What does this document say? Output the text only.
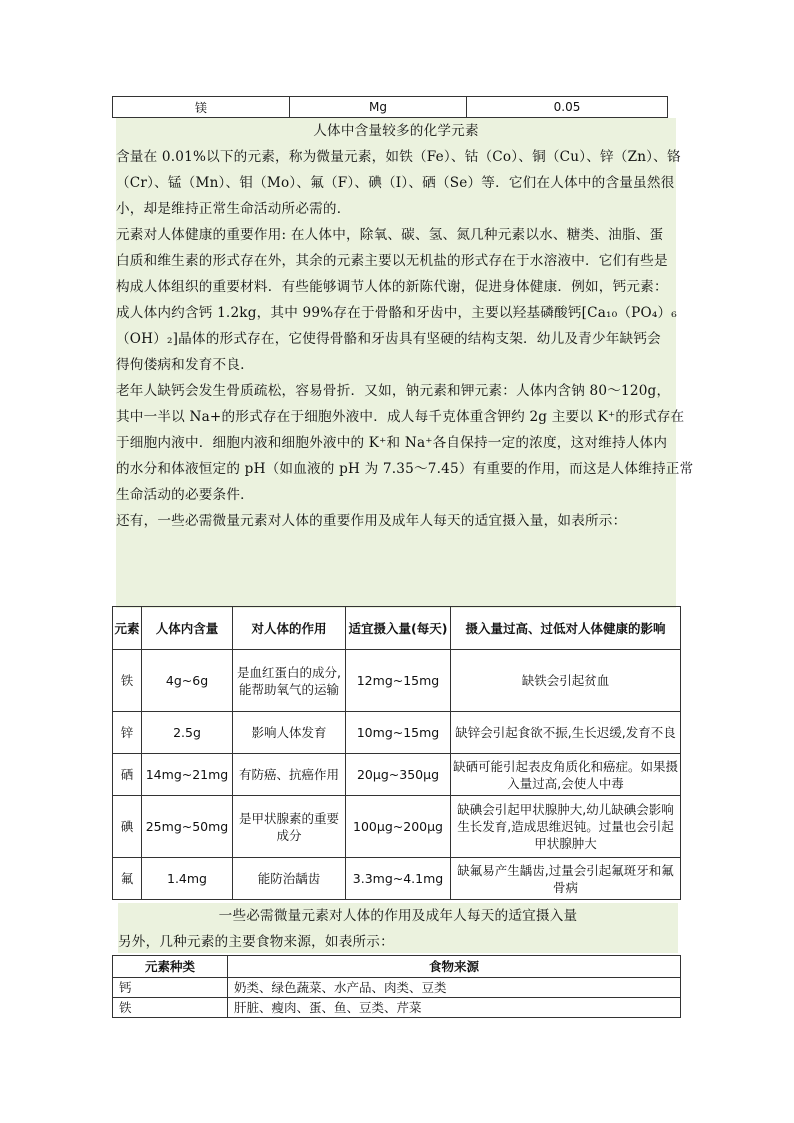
镁	Mg	0.05
人体中含量较多的化学元素
含量在 0.01%以下的元素，称为微量元素，如铁（Fe）、钴（Co）、铜（Cu）、锌（Zn）、铬
（Cr）、锰（Mn）、钼（Mo）、氟（F）、碘（I）、硒（Se）等．它们在人体中的含量虽然很
小，却是维持正常生命活动所必需的．
元素对人体健康的重要作用: 在人体中，除氧、碳、氢、氮几种元素以水、糖类、油脂、蛋
白质和维生素的形式存在外，其余的元素主要以无机盐的形式存在于水溶液中．它们有些是
构成人体组织的重要材料．有些能够调节人体的新陈代谢，促进身体健康．例如，钙元素：
成人体内约含钙 1.2kg，其中 99%存在于骨骼和牙齿中，主要以羟基磷酸钙[Ca₁₀（PO₄）₆
（OH）₂]晶体的形式存在，它使得骨骼和牙齿具有坚硬的结构支架．幼儿及青少年缺钙会
得佝偻病和发育不良.
老年人缺钙会发生骨质疏松，容易骨折．又如，钠元素和钾元素：人体内含钠 80～120g，
其中一半以 Na+的形式存在于细胞外液中．成人每千克体重含钾约 2g 主要以 K⁺的形式存在
于细胞内液中．细胞内液和细胞外液中的 K⁺和 Na⁺各自保持一定的浓度，这对维持人体内
的水分和体液恒定的 pH（如血液的 pH 为 7.35～7.45）有重要的作用，而这是人体维持正常
生命活动的必要条件．
还有，一些必需微量元素对人体的重要作用及成年人每天的适宜摄入量，如表所示：
元素	人体内含量	对人体的作用	适宜摄入量(每天)	摄入量过高、过低对人体健康的影响
铁	4g~6g	是血红蛋白的成分,能帮助氧气的运输	12mg~15mg	缺铁会引起贫血
锌	2.5g	影响人体发育	10mg~15mg	缺锌会引起食欲不振,生长迟缓,发育不良
硒	14mg~21mg	有防癌、抗癌作用	20μg~350μg	缺硒可能引起表皮角质化和癌症。如果摄入量过高,会使人中毒
碘	25mg~50mg	是甲状腺素的重要成分	100μg~200μg	缺碘会引起甲状腺肿大,幼儿缺碘会影响生长发育,造成思维迟钝。过量也会引起甲状腺肿大
氟	1.4mg	能防治龋齿	3.3mg~4.1mg	缺氟易产生龋齿,过量会引起氟斑牙和氟骨病
一些必需微量元素对人体的作用及成年人每天的适宜摄入量
另外，几种元素的主要食物来源，如表所示：
元素种类	食物来源
钙	奶类、绿色蔬菜、水产品、肉类、豆类
铁	肝脏、瘦肉、蛋、鱼、豆类、芹菜
